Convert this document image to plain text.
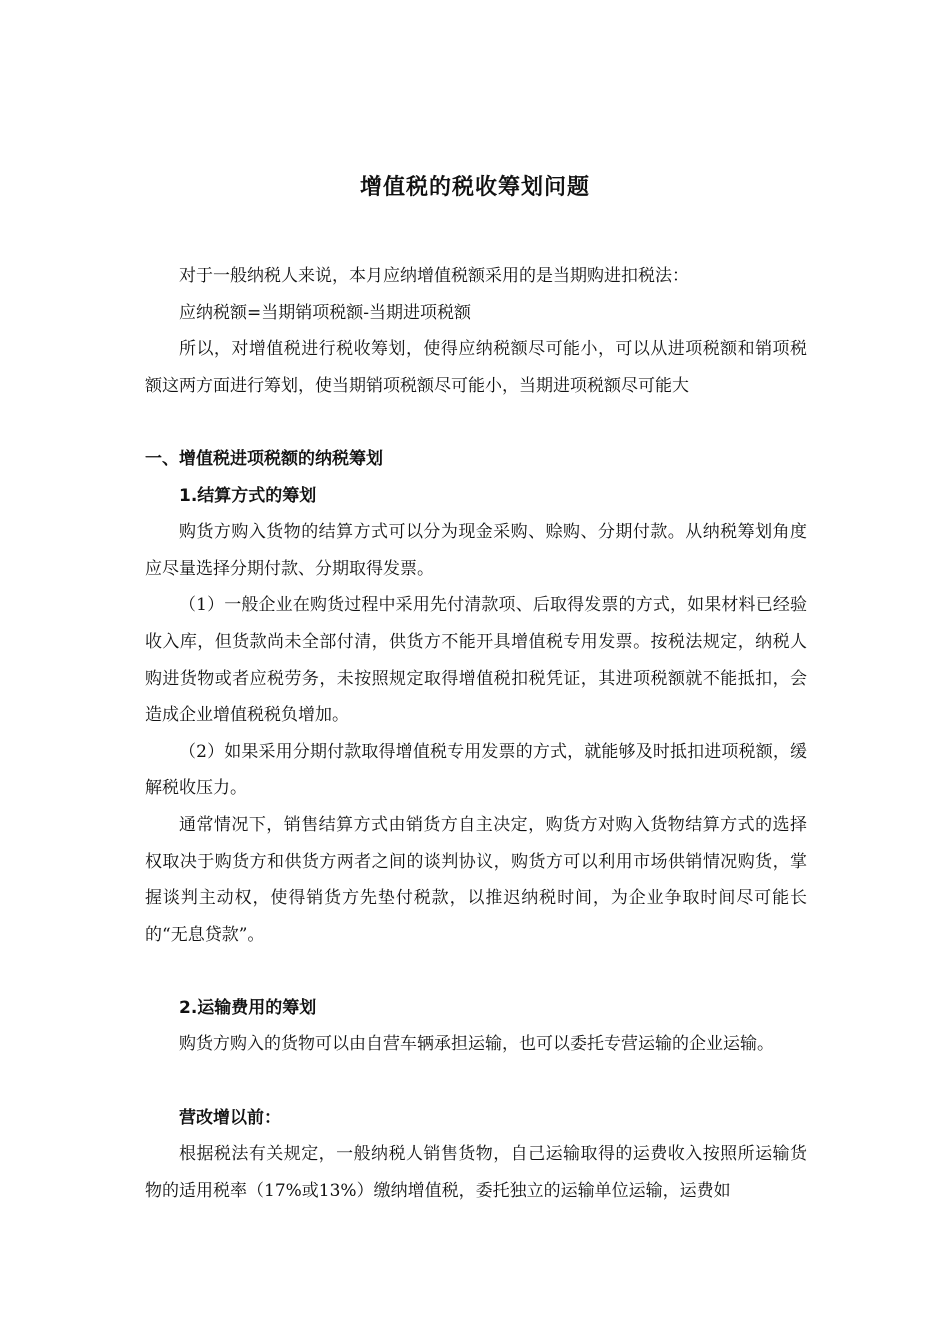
增值税的税收筹划问题

对于一般纳税人来说，本月应纳增值税额采用的是当期购进扣税法：

应纳税额=当期销项税额-当期进项税额

所以，对增值税进行税收筹划，使得应纳税额尽可能小，可以从进项税额和销项税额这两方面进行筹划，使当期销项税额尽可能小，当期进项税额尽可能大

一、增值税进项税额的纳税筹划

1.结算方式的筹划

购货方购入货物的结算方式可以分为现金采购、赊购、分期付款。从纳税筹划角度应尽量选择分期付款、分期取得发票。

（1）一般企业在购货过程中采用先付清款项、后取得发票的方式，如果材料已经验收入库，但货款尚未全部付清，供货方不能开具增值税专用发票。按税法规定，纳税人购进货物或者应税劳务，未按照规定取得增值税扣税凭证，其进项税额就不能抵扣，会造成企业增值税税负增加。

（2）如果采用分期付款取得增值税专用发票的方式，就能够及时抵扣进项税额，缓解税收压力。

通常情况下，销售结算方式由销货方自主决定，购货方对购入货物结算方式的选择权取决于购货方和供货方两者之间的谈判协议，购货方可以利用市场供销情况购货，掌握谈判主动权，使得销货方先垫付税款，以推迟纳税时间，为企业争取时间尽可能长的“无息贷款”。

2.运输费用的筹划

购货方购入的货物可以由自营车辆承担运输，也可以委托专营运输的企业运输。

营改增以前：

根据税法有关规定，一般纳税人销售货物，自己运输取得的运费收入按照所运输货物的适用税率（17%或13%）缴纳增值税，委托独立的运输单位运输，运费如
